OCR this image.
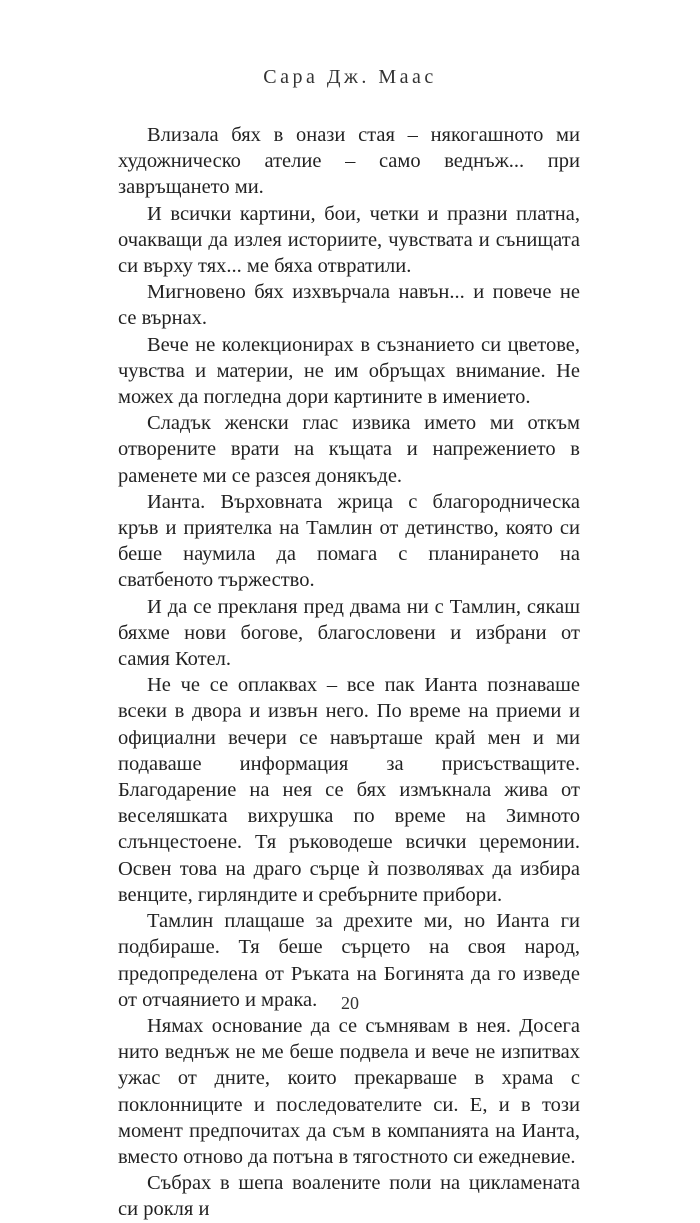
Сара Дж. Маас

Влизала бях в онази стая – някогашното ми художническо ателие – само веднъж... при завръщането ми.

И всички картини, бои, четки и празни платна, очакващи да излея историите, чувствата и сънищата си върху тях... ме бяха отвратили.

Мигновено бях изхвърчала навън... и повече не се върнах.

Вече не колекционирах в съзнанието си цветове, чувства и материи, не им обръщах внимание. Не можех да погледна дори картините в имението.

Сладък женски глас извика името ми откъм отворените врати на къщата и напрежението в раменете ми се разсея донякъде.

Ианта. Върховната жрица с благородническа кръв и приятелка на Тамлин от детинство, която си беше наумила да помага с планирането на сватбеното тържество.

И да се прекланя пред двама ни с Тамлин, сякаш бяхме нови богове, благословени и избрани от самия Котел.

Не че се оплаквах – все пак Ианта познаваше всеки в двора и извън него. По време на приеми и официални вечери се навърташе край мен и ми подаваше информация за присъстващите. Благодарение на нея се бях измъкнала жива от веселяшката вихрушка по време на Зимното слънцестоене. Тя ръководеше всички церемонии. Освен това на драго сърце ѝ позволявах да избира венците, гирляндите и сребърните прибори.

Тамлин плащаше за дрехите ми, но Ианта ги подбираше. Тя беше сърцето на своя народ, предопределена от Ръката на Богинята да го изведе от отчаянието и мрака.

Нямах основание да се съмнявам в нея. Досега нито веднъж не ме беше подвела и вече не изпитвах ужас от дните, които прекарваше в храма с поклонниците и последователите си. Е, и в този момент предпочитах да съм в компанията на Ианта, вместо отново да потъна в тягостното си ежедневие.

Събрах в шепа воалените поли на цикламената си рокля и

20
